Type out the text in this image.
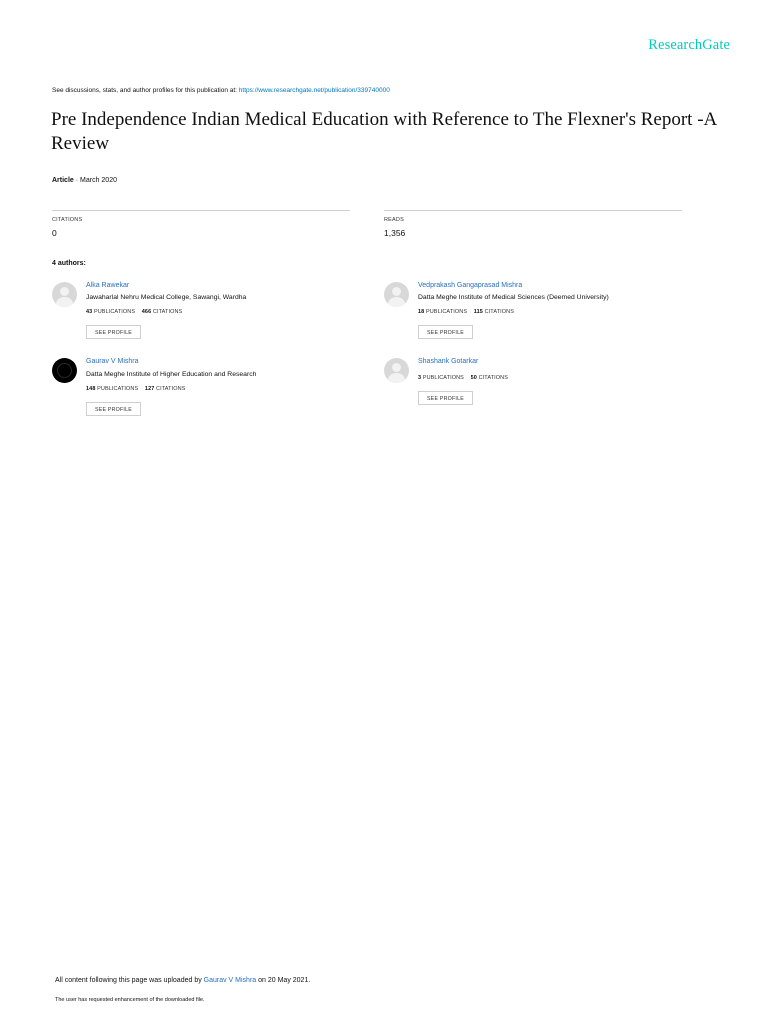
ResearchGate
See discussions, stats, and author profiles for this publication at: https://www.researchgate.net/publication/339740000
Pre Independence Indian Medical Education with Reference to The Flexner's Report -A Review
Article · March 2020
CITATIONS
0
READS
1,356
4 authors:
Alka Rawekar
Jawaharlal Nehru Medical College, Sawangi, Wardha
43 PUBLICATIONS 466 CITATIONS
SEE PROFILE
Vedprakash Gangaprasad Mishra
Datta Meghe Institute of Medical Sciences (Deemed University)
18 PUBLICATIONS 115 CITATIONS
SEE PROFILE
Gaurav V Mishra
Datta Meghe Institute of Higher Education and Research
148 PUBLICATIONS 127 CITATIONS
SEE PROFILE
Shashank Gotarkar
3 PUBLICATIONS 50 CITATIONS
SEE PROFILE
All content following this page was uploaded by Gaurav V Mishra on 20 May 2021.
The user has requested enhancement of the downloaded file.
